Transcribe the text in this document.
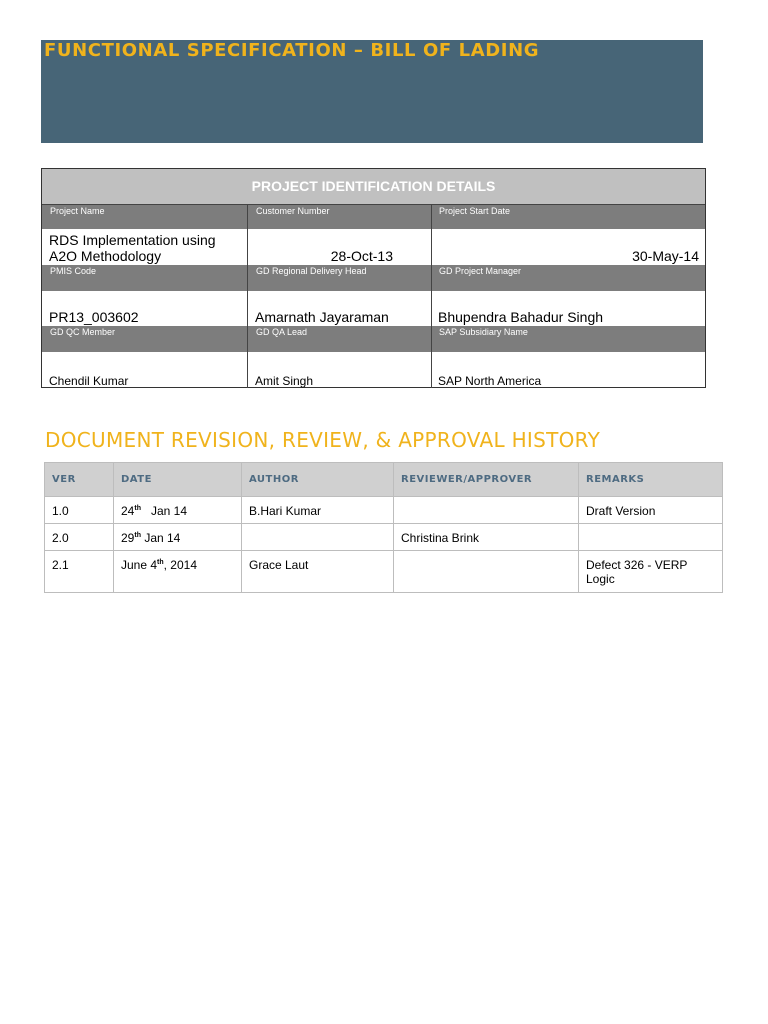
FUNCTIONAL SPECIFICATION – BILL OF LADING
PROJECT IDENTIFICATION DETAILS
Project Name	Customer Number	Project Start Date
RDS Implementation using
A2O Methodology	28-Oct-13	30-May-14
PMIS Code	GD Regional Delivery Head	GD Project Manager
PR13_003602	Amarnath Jayaraman	Bhupendra Bahadur Singh
GD QC Member	GD QA Lead	SAP Subsidiary Name
Chendil Kumar	Amit Singh	SAP North America
DOCUMENT REVISION, REVIEW, & APPROVAL HISTORY
VER	DATE	AUTHOR	REVIEWER/APPROVER	REMARKS
1.0	24th Jan 14	B.Hari Kumar		Draft Version
2.0	29th Jan 14		Christina Brink	
2.1	June 4th, 2014	Grace Laut		Defect 326 - VERP
Logic
